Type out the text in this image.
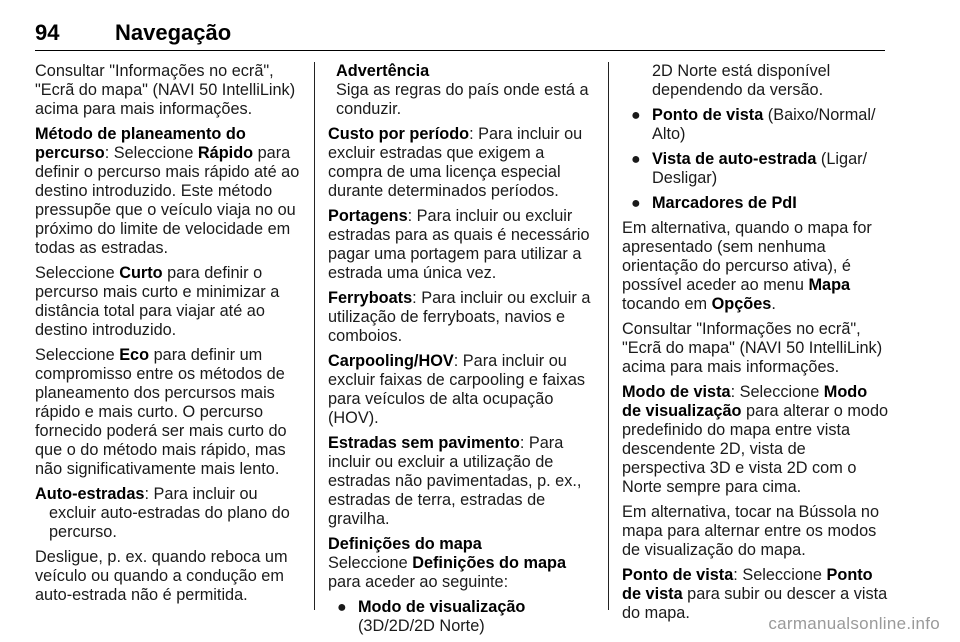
94	Navegação

Consultar "Informações no ecrã", "Ecrã do mapa" (NAVI 50 IntelliLink) acima para mais informações.

Método de planeamento do percurso: Seleccione Rápido para definir o percurso mais rápido até ao destino introduzido. Este método pressupõe que o veículo viaja no ou próximo do limite de velocidade em todas as estradas.

Seleccione Curto para definir o percurso mais curto e minimizar a distância total para viajar até ao destino introduzido.

Seleccione Eco para definir um compromisso entre os métodos de planeamento dos percursos mais rápido e mais curto. O percurso fornecido poderá ser mais curto do que o do método mais rápido, mas não significativamente mais lento.

Auto-estradas: Para incluir ou excluir auto-estradas do plano do percurso.

Desligue, p. ex. quando reboca um veículo ou quando a condução em auto-estrada não é permitida.

Advertência
Siga as regras do país onde está a conduzir.

Custo por período: Para incluir ou excluir estradas que exigem a compra de uma licença especial durante determinados períodos.

Portagens: Para incluir ou excluir estradas para as quais é necessário pagar uma portagem para utilizar a estrada uma única vez.

Ferryboats: Para incluir ou excluir a utilização de ferryboats, navios e comboios.

Carpooling/HOV: Para incluir ou excluir faixas de carpooling e faixas para veículos de alta ocupação (HOV).

Estradas sem pavimento: Para incluir ou excluir a utilização de estradas não pavimentadas, p. ex., estradas de terra, estradas de gravilha.

Definições do mapa

Seleccione Definições do mapa para aceder ao seguinte:

● Modo de visualização (3D/2D/2D Norte)
2D Norte está disponível dependendo da versão.
● Ponto de vista (Baixo/Normal/ Alto)
● Vista de auto-estrada (Ligar/ Desligar)
● Marcadores de PdI

Em alternativa, quando o mapa for apresentado (sem nenhuma orientação do percurso ativa), é possível aceder ao menu Mapa tocando em Opções.

Consultar "Informações no ecrã", "Ecrã do mapa" (NAVI 50 IntelliLink) acima para mais informações.

Modo de vista: Seleccione Modo de visualização para alterar o modo predefinido do mapa entre vista descendente 2D, vista de perspectiva 3D e vista 2D com o Norte sempre para cima.

Em alternativa, tocar na Bússola no mapa para alternar entre os modos de visualização do mapa.

Ponto de vista: Seleccione Ponto de vista para subir ou descer a vista do mapa.

carmanualsonline.info
